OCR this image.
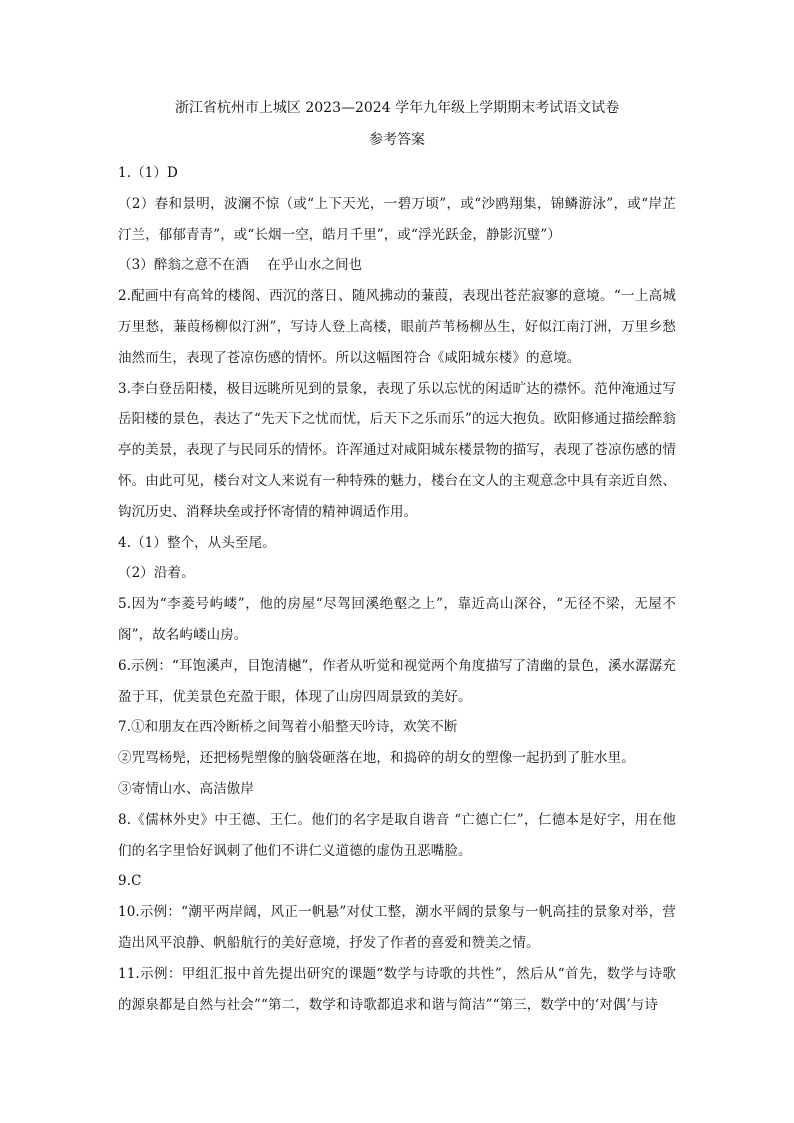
浙江省杭州市上城区 2023—2024 学年九年级上学期期末考试语文试卷
参考答案

1.（1）D

（2）春和景明，波澜不惊（或“上下天光，一碧万顷”，或“沙鸥翔集，锦鳞游泳”，或“岸芷汀兰，郁郁青青”，或“长烟一空，皓月千里”，或“浮光跃金，静影沉璧”）

（3）醉翁之意不在酒　 在乎山水之间也

2.配画中有高耸的楼阁、西沉的落日、随风拂动的蒹葭，表现出苍茫寂寥的意境。“一上高城万里愁，蒹葭杨柳似汀洲”，写诗人登上高楼，眼前芦苇杨柳丛生，好似江南汀洲，万里乡愁油然而生，表现了苍凉伤感的情怀。所以这幅图符合《咸阳城东楼》的意境。

3.李白登岳阳楼，极目远眺所见到的景象，表现了乐以忘忧的闲适旷达的襟怀。范仲淹通过写岳阳楼的景色，表达了“先天下之忧而忧，后天下之乐而乐”的远大抱负。欧阳修通过描绘醉翁亭的美景，表现了与民同乐的情怀。许浑通过对咸阳城东楼景物的描写，表现了苍凉伤感的情怀。由此可见，楼台对文人来说有一种特殊的魅力，楼台在文人的主观意念中具有亲近自然、钩沉历史、消释块垒或抒怀寄情的精神调适作用。

4.（1）整个，从头至尾。

（2）沿着。

5.因为“李菱号屿嵝”，他的房屋“尽驾回溪绝壑之上”，靠近高山深谷，“无径不梁，无屋不阁”，故名屿嵝山房。

6.示例：“耳饱溪声，目饱清樾”，作者从听觉和视觉两个角度描写了清幽的景色，溪水潺潺充盈于耳，优美景色充盈于眼，体现了山房四周景致的美好。

7.①和朋友在西冷断桥之间驾着小船整天吟诗，欢笑不断

②咒骂杨髡，还把杨髡塑像的脑袋砸落在地，和捣碎的胡女的塑像一起扔到了脏水里。

③寄情山水、高洁傲岸

8.《儒林外史》中王德、王仁。他们的名字是取自谐音 “亡德亡仁”，仁德本是好字，用在他们的名字里恰好讽刺了他们不讲仁义道德的虚伪丑恶嘴脸。

9.C

10.示例：“潮平两岸阔，风正一帆悬”对仗工整，潮水平阔的景象与一帆高挂的景象对举，营造出风平浪静、帆船航行的美好意境，抒发了作者的喜爱和赞美之情。

11.示例：甲组汇报中首先提出研究的课题“数学与诗歌的共性”，然后从“首先，数学与诗歌的源泉都是自然与社会”“第二，数学和诗歌都追求和谐与简洁”“第三，数学中的‘对偶’与诗
